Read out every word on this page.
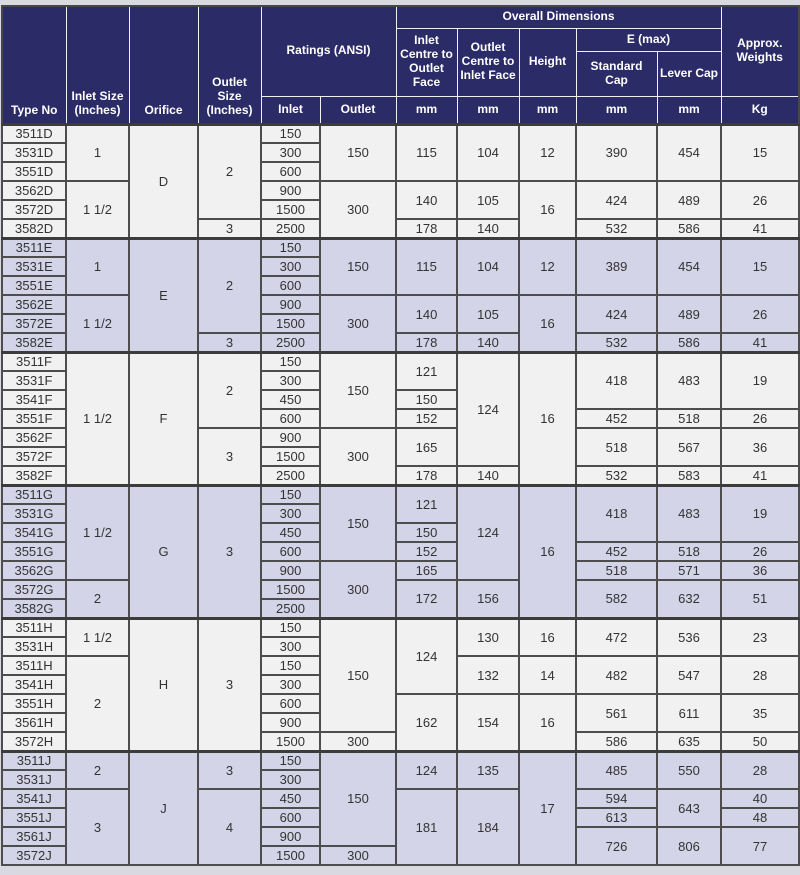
Type No	Inlet Size (Inches)	Orifice	Outlet Size (Inches)	Ratings (ANSI)		Overall Dimensions					Approx. Weights
						Inlet Centre to Outlet Face	Outlet Centre to Inlet Face	Height	E (max)		
									Standard Cap	Lever Cap	
				Inlet	Outlet	mm	mm	mm	mm	mm	Kg
3511D	1	D	2	150	150	115	104	12	390	454	15
3531D				300							
3551D				600							
3562D	1 1/2			900	300	140	105	16	424	489	26
3572D				1500							
3582D			3	2500		178	140		532	586	41
3511E	1	E	2	150	150	115	104	12	389	454	15
3531E				300							
3551E				600							
3562E	1 1/2			900	300	140	105	16	424	489	26
3572E				1500							
3582E			3	2500		178	140		532	586	41
3511F	1 1/2	F	2	150	150	121	124	16	418	483	19
3531F				300							
3541F				450		150					
3551F				600		152			452	518	26
3562F			3	900	300	165			518	567	36
3572F				1500							
3582F				2500		178	140		532	583	41
3511G	1 1/2	G	3	150	150	121	124	16	418	483	19
3531G				300							
3541G				450		150					
3551G				600		152			452	518	26
3562G				900	300	165			518	571	36
3572G	2			1500		172	156		582	632	51
3582G				2500							
3511H	1 1/2	H	3	150	150	124	130	16	472	536	23
3531H				300							
3511H	2			150			132	14	482	547	28
3541H				300							
3551H				600		162	154	16	561	611	35
3561H				900							
3572H				1500	300				586	635	50
3511J	2	J	3	150	150	124	135	17	485	550	28
3531J				300							
3541J	3		4	450		181	184		594	643	40
3551J				600					613		48
3561J				900					726	806	77
3572J				1500	300						
